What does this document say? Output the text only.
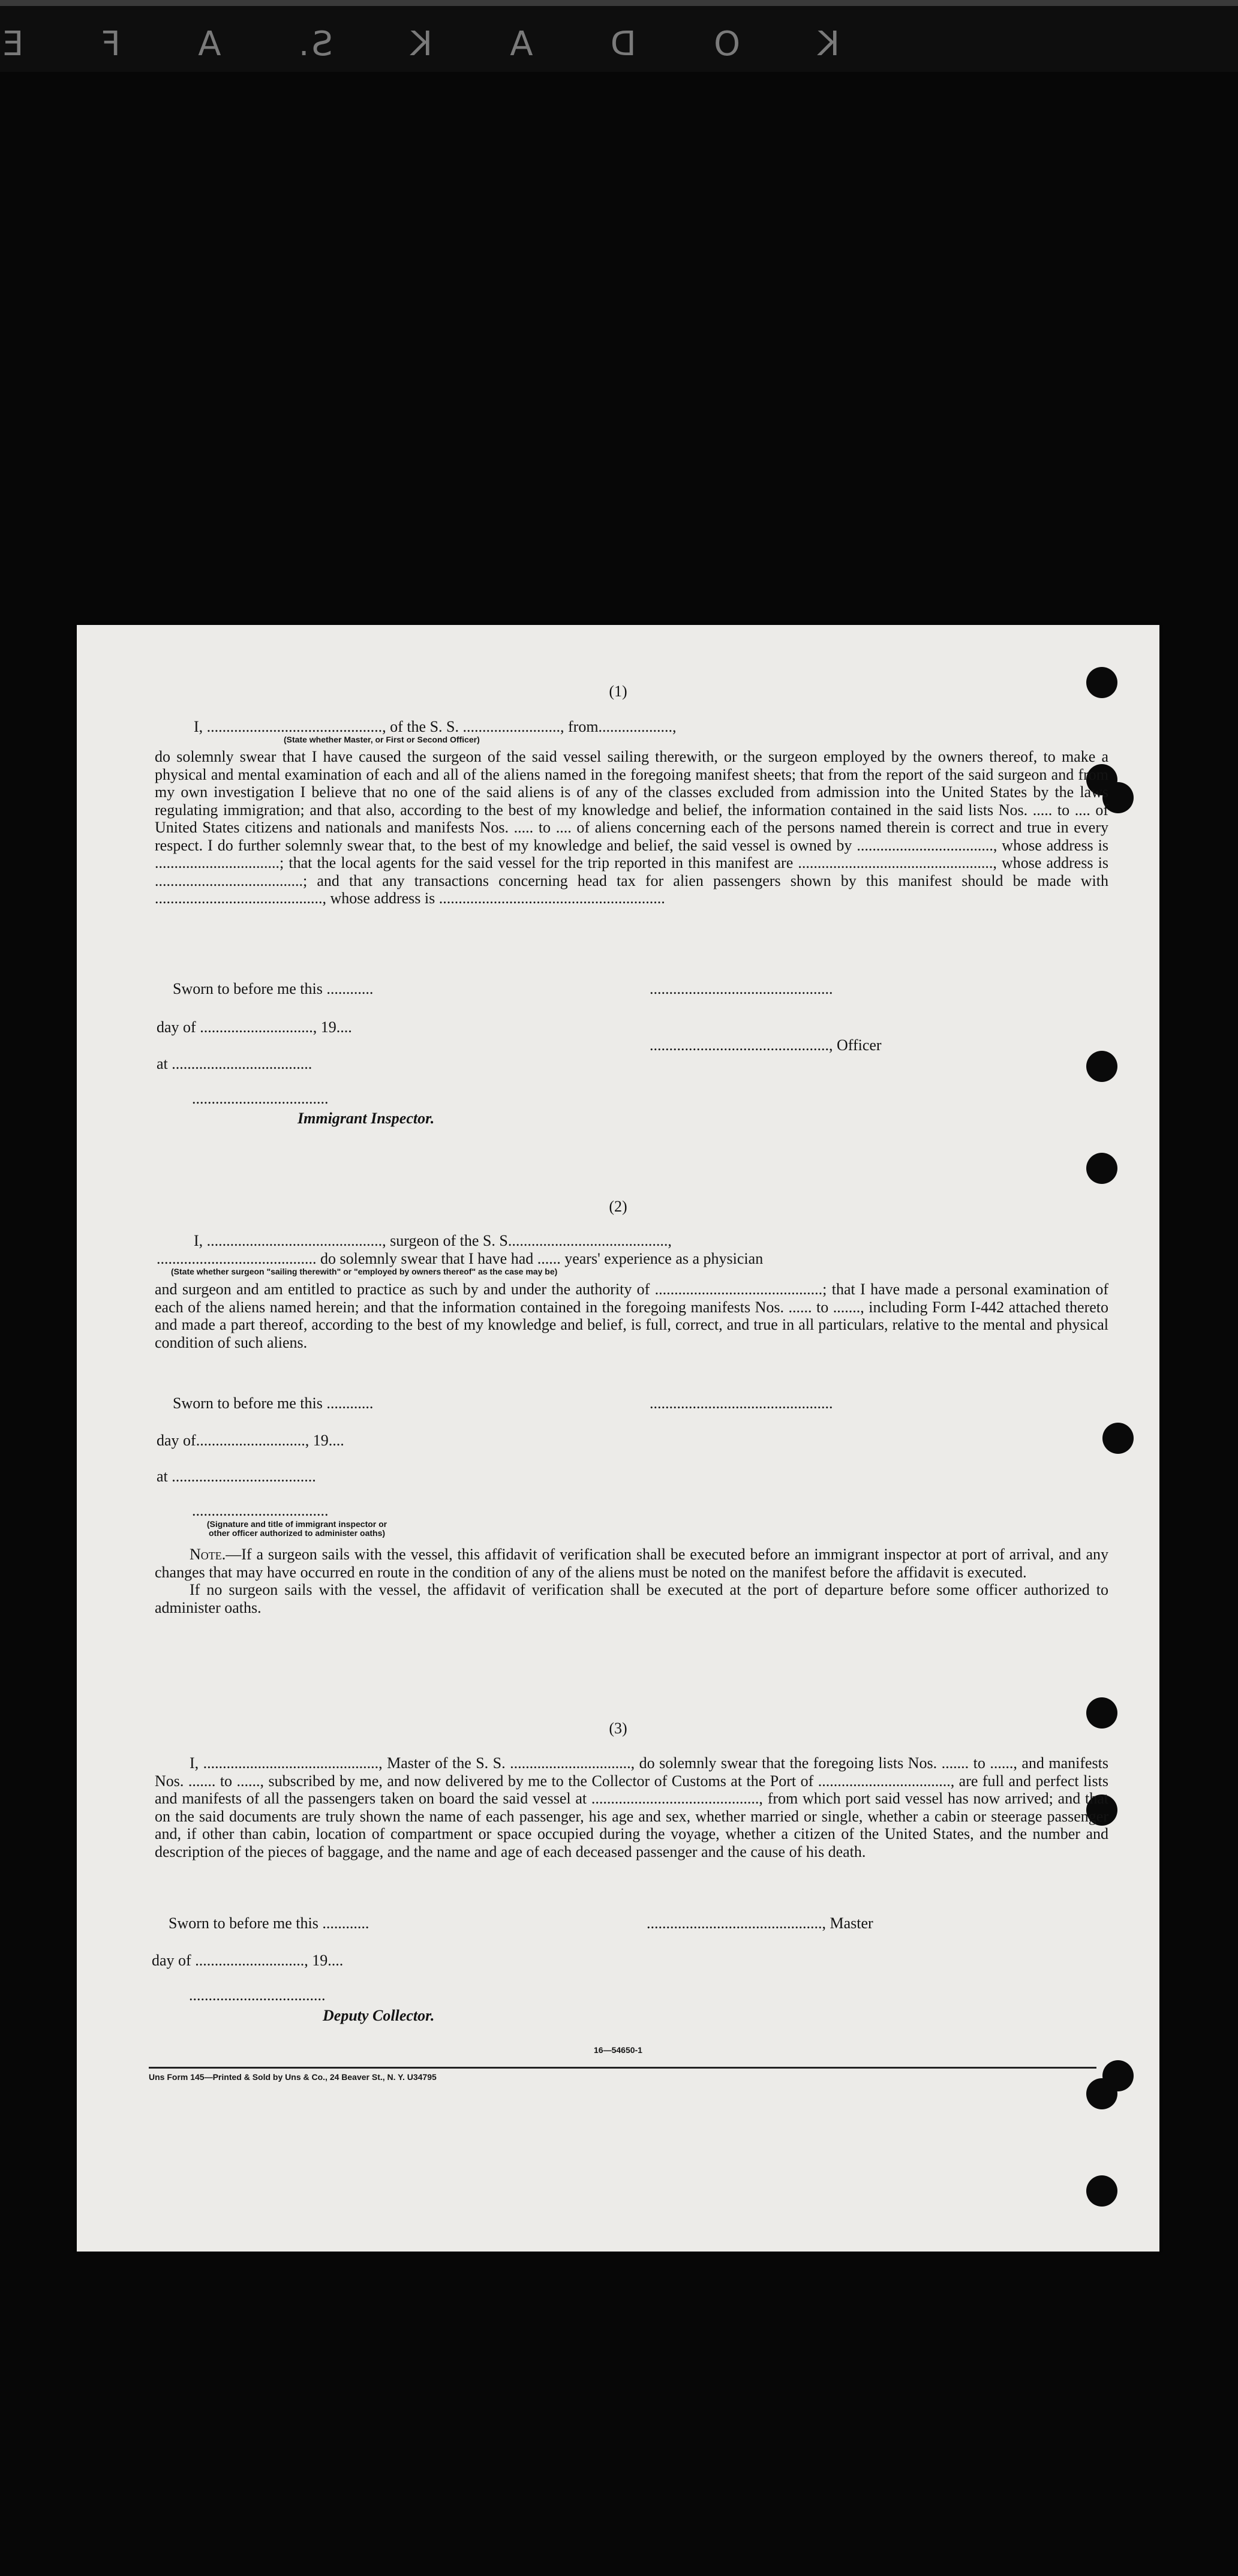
K
O
D
A
K
S.
A
F
E
(1)
I, ............................................., of the S. S. ........................., from...................,
(State whether Master, or First or Second Officer)

do solemnly swear that I have caused the surgeon of the said vessel sailing therewith, or the surgeon employed by the owners thereof, to make a physical and mental examination of each and all of the aliens named in the foregoing manifest sheets; that from the report of the said surgeon and from my own investigation I believe that no one of the said aliens is of any of the classes excluded from admission into the United States by the laws regulating immigration; and that also, according to the best of my knowledge and belief, the information contained in the said lists Nos. ..... to .... of United States citizens and nationals and manifests Nos. ..... to .... of aliens concerning each of the persons named therein is correct and true in every respect. I do further solemnly swear that, to the best of my knowledge and belief, the said vessel is owned by ..................................., whose address is ................................; that the local agents for the said vessel for the trip reported in this manifest are .................................................., whose address is ......................................; and that any transactions concerning head tax for alien passengers shown by this manifest should be made with ..........................................., whose address is ..........................................................

Sworn to before me this ............	...............................................
day of ............................., 19....
.............................................., Officer
at ....................................
...................................
Immigrant Inspector.
(2)
I, ............................................., surgeon of the S. S.........................................,
......................................... do solemnly swear that I have had ...... years' experience as a physician
(State whether surgeon "sailing therewith" or "employed by owners thereof" as the case may be)

and surgeon and am entitled to practice as such by and under the authority of ...........................................; that I have made a personal examination of each of the aliens named herein; and that the information contained in the foregoing manifests Nos. ...... to ......., including Form I-442 attached thereto and made a part thereof, according to the best of my knowledge and belief, is full, correct, and true in all particulars, relative to the mental and physical condition of such aliens.

Sworn to before me this ............	...............................................
day of............................, 19....
at .....................................
...................................
(Signature and title of immigrant inspector or other officer authorized to administer oaths)

Note.—If a surgeon sails with the vessel, this affidavit of verification shall be executed before an immigrant inspector at port of arrival, and any changes that may have occurred en route in the condition of any of the aliens must be noted on the manifest before the affidavit is executed.

If no surgeon sails with the vessel, the affidavit of verification shall be executed at the port of departure before some officer authorized to administer oaths.

(3)

I, ............................................., Master of the S. S. ..............................., do solemnly swear that the foregoing lists Nos. ....... to ......, and manifests Nos. ....... to ......, subscribed by me, and now delivered by me to the Collector of Customs at the Port of .................................., are full and perfect lists and manifests of all the passengers taken on board the said vessel at ..........................................., from which port said vessel has now arrived; and that on the said documents are truly shown the name of each passenger, his age and sex, whether married or single, whether a cabin or steerage passenger and, if other than cabin, location of compartment or space occupied during the voyage, whether a citizen of the United States, and the number and description of the pieces of baggage, and the name and age of each deceased passenger and the cause of his death.

Sworn to before me this ............	............................................., Master
day of ............................, 19....
...................................
Deputy Collector.
16—54650-1
Uns Form 145—Printed & Sold by Uns & Co., 24 Beaver St., N. Y. U34795
